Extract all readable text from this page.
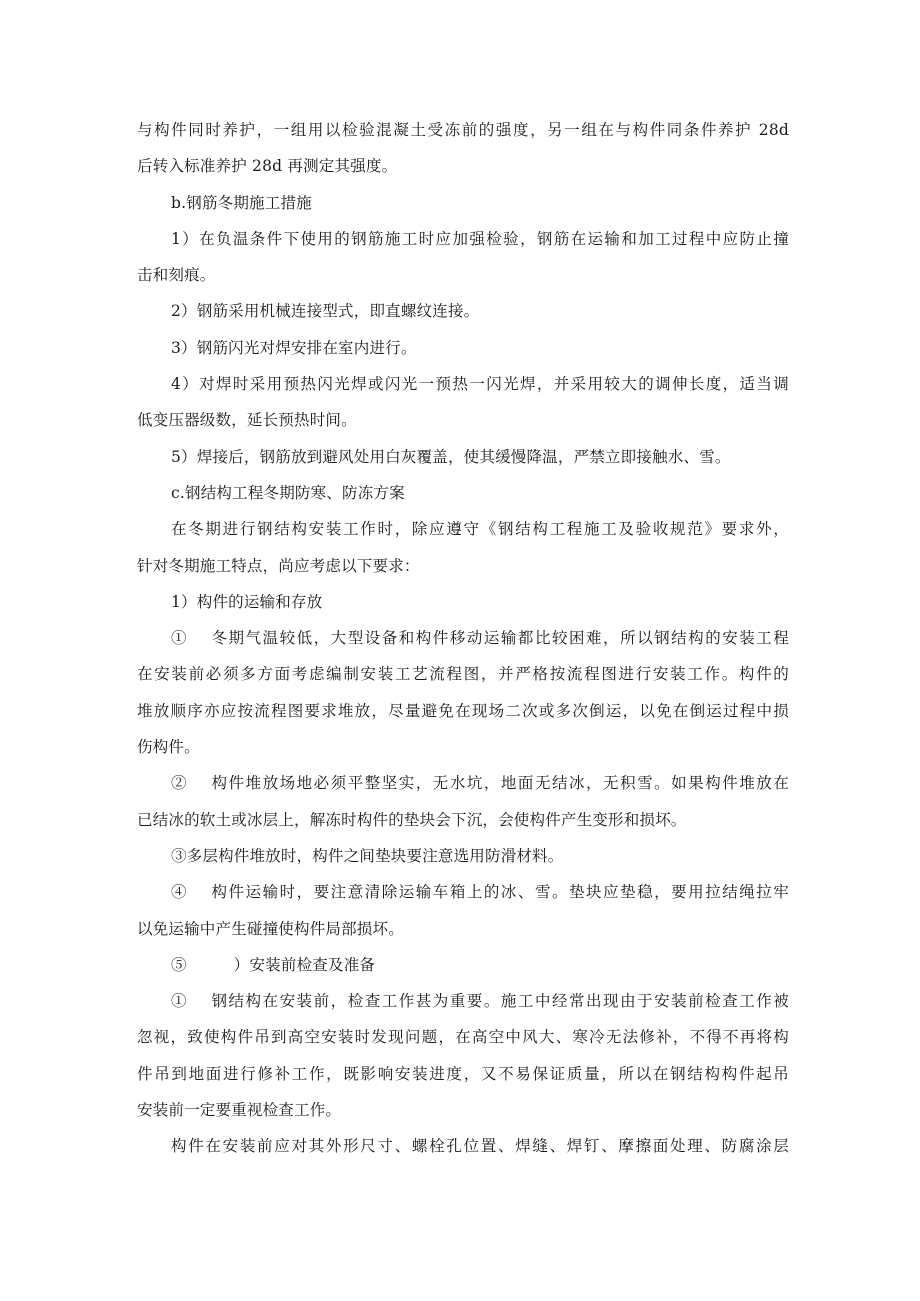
与构件同时养护，一组用以检验混凝土受冻前的强度，另一组在与构件同条件养护 28d
后转入标准养护 28d 再测定其强度。
b.钢筋冬期施工措施
1）在负温条件下使用的钢筋施工时应加强检验，钢筋在运输和加工过程中应防止撞
击和刻痕。
2）钢筋采用机械连接型式，即直螺纹连接。
3）钢筋闪光对焊安排在室内进行。
4）对焊时采用预热闪光焊或闪光一预热一闪光焊，并采用较大的调伸长度，适当调
低变压器级数，延长预热时间。
5）焊接后，钢筋放到避风处用白灰覆盖，使其缓慢降温，严禁立即接触水、雪。
c.钢结构工程冬期防寒、防冻方案
在冬期进行钢结构安装工作时，除应遵守《钢结构工程施工及验收规范》要求外，
针对冬期施工特点，尚应考虑以下要求：
1）构件的运输和存放
①　 冬期气温较低，大型设备和构件移动运输都比较困难，所以钢结构的安装工程
在安装前必须多方面考虑编制安装工艺流程图，并严格按流程图进行安装工作。构件的
堆放顺序亦应按流程图要求堆放，尽量避免在现场二次或多次倒运，以免在倒运过程中损
伤构件。
②　 构件堆放场地必须平整坚实，无水坑，地面无结冰，无积雪。如果构件堆放在
已结冰的软土或冰层上，解冻时构件的垫块会下沉，会使构件产生变形和损坏。
③多层构件堆放时，构件之间垫块要注意选用防滑材料。
④　 构件运输时，要注意清除运输车箱上的冰、雪。垫块应垫稳，要用拉结绳拉牢
以免运输中产生碰撞使构件局部损坏。
⑤　　　）安装前检查及准备
①　 钢结构在安装前，检查工作甚为重要。施工中经常出现由于安装前检查工作被
忽视，致使构件吊到高空安装时发现问题，在高空中风大、寒冷无法修补，不得不再将构
件吊到地面进行修补工作，既影响安装进度，又不易保证质量，所以在钢结构构件起吊
安装前一定要重视检查工作。
构件在安装前应对其外形尺寸、螺栓孔位置、焊缝、焊钉、摩擦面处理、防腐涂层
